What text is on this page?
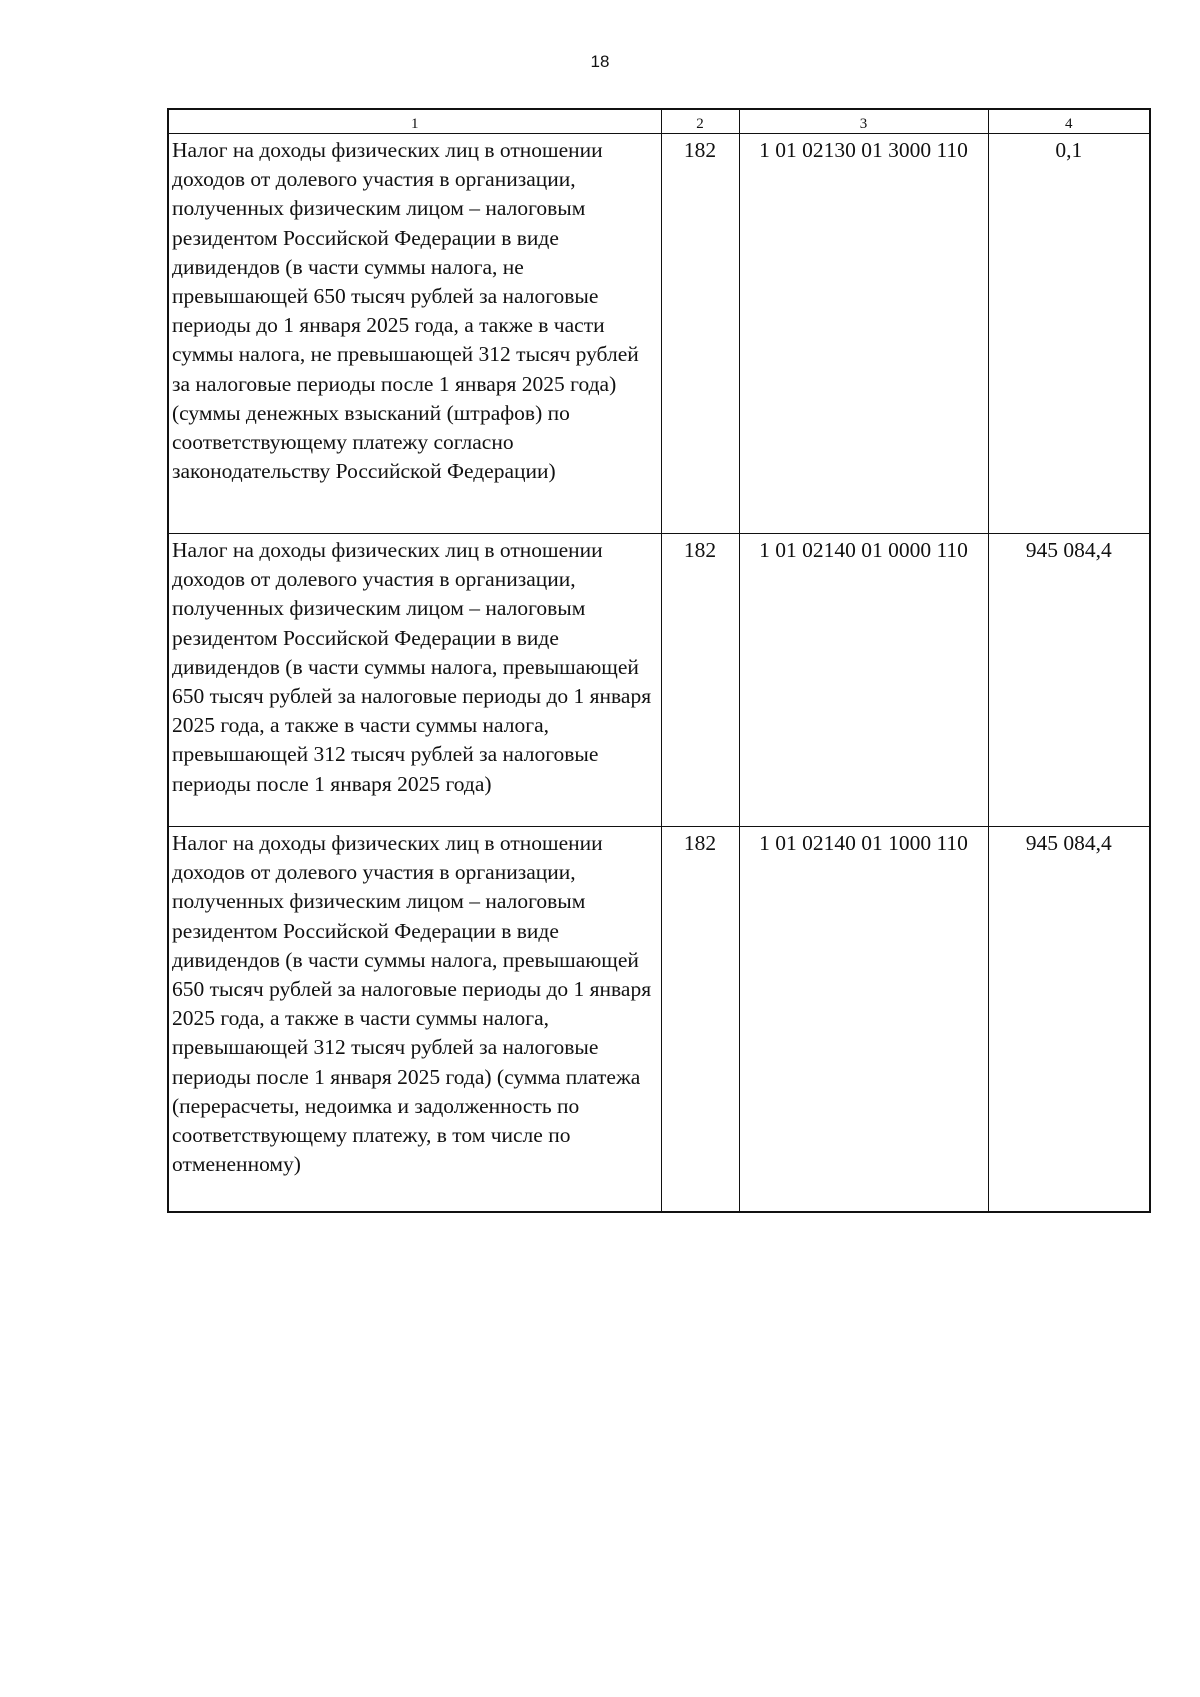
18
1	2	3	4
Налог на доходы физических лиц в отношении доходов от долевого участия в организации, полученных физическим лицом – налоговым резидентом Российской Федерации в виде дивидендов (в части суммы налога, не превышающей 650 тысяч рублей за налоговые периоды до 1 января 2025 года, а также в части суммы налога, не превышающей 312 тысяч рублей за налоговые периоды после 1 января 2025 года) (суммы денежных взысканий (штрафов) по соответствующему платежу согласно законодательству Российской Федерации)	182	1 01 02130 01 3000 110	0,1
Налог на доходы физических лиц в отношении доходов от долевого участия в организации, полученных физическим лицом – налоговым резидентом Российской Федерации в виде дивидендов (в части суммы налога, превышающей 650 тысяч рублей за налоговые периоды до 1 января 2025 года, а также в части суммы налога, превышающей 312 тысяч рублей за налоговые периоды после 1 января 2025 года)	182	1 01 02140 01 0000 110	945 084,4
Налог на доходы физических лиц в отношении доходов от долевого участия в организации, полученных физическим лицом – налоговым резидентом Российской Федерации в виде дивидендов (в части суммы налога, превышающей 650 тысяч рублей за налоговые периоды до 1 января 2025 года, а также в части суммы налога, превышающей 312 тысяч рублей за налоговые периоды после 1 января 2025 года) (сумма платежа (перерасчеты, недоимка и задолженность по соответствующему платежу, в том числе по отмененному)	182	1 01 02140 01 1000 110	945 084,4
